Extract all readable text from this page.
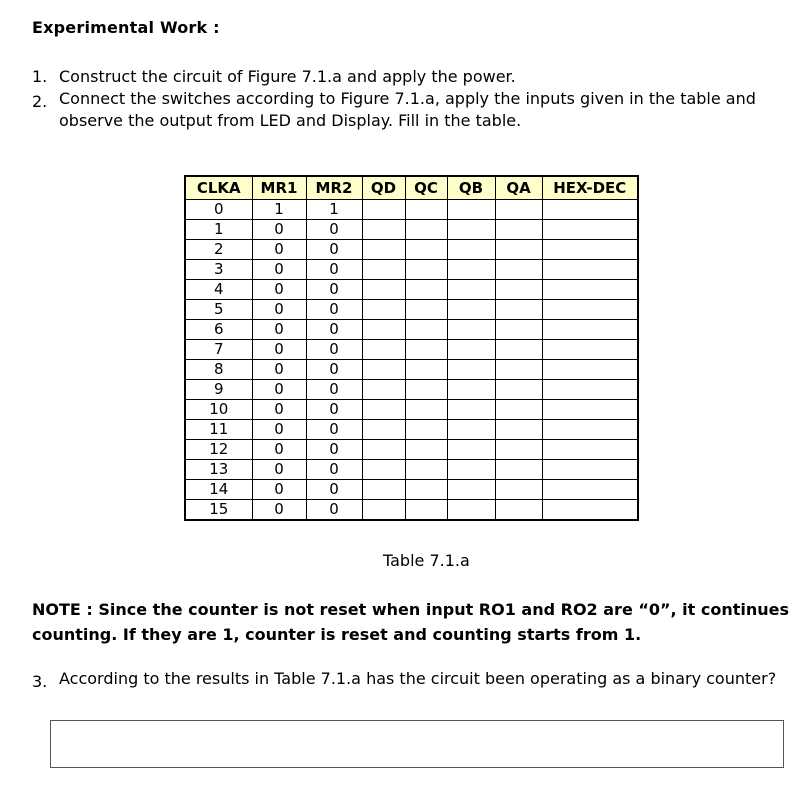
Experimental Work :
1. Construct the circuit of Figure 7.1.a and apply the power.
2. Connect the switches according to Figure 7.1.a, apply the inputs given in the table and observe the output from LED and Display. Fill in the table.
CLKA	MR1	MR2	QD	QC	QB	QA	HEX-DEC
0	1	1					
1	0	0					
2	0	0					
3	0	0					
4	0	0					
5	0	0					
6	0	0					
7	0	0					
8	0	0					
9	0	0					
10	0	0					
11	0	0					
12	0	0					
13	0	0					
14	0	0					
15	0	0					
Table 7.1.a
NOTE : Since the counter is not reset when input RO1 and RO2 are “0”, it continues counting. If they are 1, counter is reset and counting starts from 1.
3. According to the results in Table 7.1.a has the circuit been operating as a binary counter?
